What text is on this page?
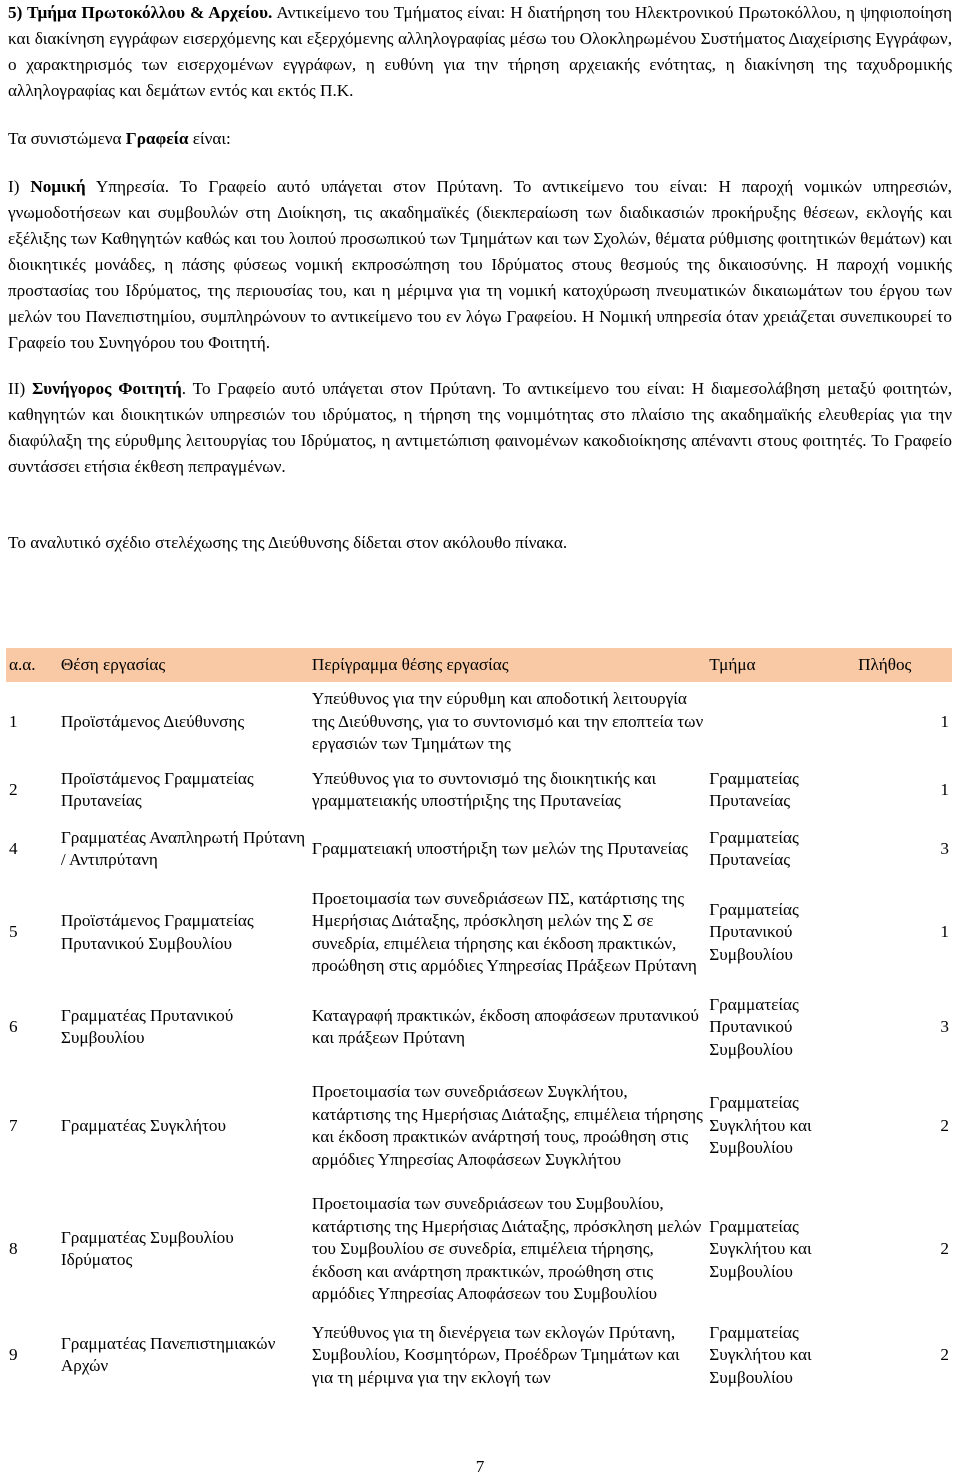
5) Τμήμα Πρωτοκόλλου & Αρχείου. Αντικείμενο του Τμήματος είναι: Η διατήρηση του Ηλεκτρονικού Πρωτοκόλλου, η ψηφιοποίηση και διακίνηση εγγράφων εισερχόμενης και εξερχόμενης αλληλογραφίας μέσω του Ολοκληρωμένου Συστήματος Διαχείρισης Εγγράφων, ο χαρακτηρισμός των εισερχομένων εγγράφων, η ευθύνη για την τήρηση αρχειακής ενότητας, η διακίνηση της ταχυδρομικής αλληλογραφίας και δεμάτων εντός και εκτός Π.Κ.

Τα συνιστώμενα Γραφεία είναι:

I) Νομική Υπηρεσία. Το Γραφείο αυτό υπάγεται στον Πρύτανη. Το αντικείμενο του είναι: Η παροχή νομικών υπηρεσιών, γνωμοδοτήσεων και συμβουλών στη Διοίκηση, τις ακαδημαϊκές (διεκπεραίωση των διαδικασιών προκήρυξης θέσεων, εκλογής και εξέλιξης των Καθηγητών καθώς και του λοιπού προσωπικού των Τμημάτων και των Σχολών, θέματα ρύθμισης φοιτητικών θεμάτων) και διοικητικές μονάδες, η πάσης φύσεως νομική εκπροσώπηση του Ιδρύματος στους θεσμούς της δικαιοσύνης. Η παροχή νομικής προστασίας του Ιδρύματος, της περιουσίας του, και η μέριμνα για τη νομική κατοχύρωση πνευματικών δικαιωμάτων του έργου των μελών του Πανεπιστημίου, συμπληρώνουν το αντικείμενο του εν λόγω Γραφείου. Η Νομική υπηρεσία όταν χρειάζεται συνεπικουρεί το Γραφείο του Συνηγόρου του Φοιτητή.

II) Συνήγορος Φοιτητή. Το Γραφείο αυτό υπάγεται στον Πρύτανη. Το αντικείμενο του είναι: Η διαμεσολάβηση μεταξύ φοιτητών, καθηγητών και διοικητικών υπηρεσιών του ιδρύματος, η τήρηση της νομιμότητας στο πλαίσιο της ακαδημαϊκής ελευθερίας για την διαφύλαξη της εύρυθμης λειτουργίας του Ιδρύματος, η αντιμετώπιση φαινομένων κακοδιοίκησης απέναντι στους φοιτητές. Το Γραφείο συντάσσει ετήσια έκθεση πεπραγμένων.

Το αναλυτικό σχέδιο στελέχωσης της Διεύθυνσης δίδεται στον ακόλουθο πίνακα.

α.α.	Θέση εργασίας	Περίγραμμα θέσης εργασίας	Τμήμα	Πλήθος
1	Προϊστάμενος Διεύθυνσης	Υπεύθυνος για την εύρυθμη και αποδοτική λειτουργία της Διεύθυνσης, για το συντονισμό και την εποπτεία των εργασιών των Τμημάτων της		1
2	Προϊστάμενος Γραμματείας Πρυτανείας	Υπεύθυνος για το συντονισμό της διοικητικής και γραμματειακής υποστήριξης της Πρυτανείας	Γραμματείας Πρυτανείας	1
4	Γραμματέας Αναπληρωτή Πρύτανη / Αντιπρύτανη	Γραμματειακή υποστήριξη των μελών της Πρυτανείας	Γραμματείας Πρυτανείας	3
5	Προϊστάμενος Γραμματείας Πρυτανικού Συμβουλίου	Προετοιμασία των συνεδριάσεων ΠΣ, κατάρτισης της Ημερήσιας Διάταξης, πρόσκληση μελών της Σ σε συνεδρία, επιμέλεια τήρησης και έκδοση πρακτικών, προώθηση στις αρμόδιες Υπηρεσίας Πράξεων Πρύτανη	Γραμματείας Πρυτανικού Συμβουλίου	1
6	Γραμματέας Πρυτανικού Συμβουλίου	Καταγραφή πρακτικών, έκδοση αποφάσεων πρυτανικού και πράξεων Πρύτανη	Γραμματείας Πρυτανικού Συμβουλίου	3
7	Γραμματέας Συγκλήτου	Προετοιμασία των συνεδριάσεων Συγκλήτου, κατάρτισης της Ημερήσιας Διάταξης, επιμέλεια τήρησης και έκδοση πρακτικών ανάρτησή τους, προώθηση στις αρμόδιες Υπηρεσίας Αποφάσεων Συγκλήτου	Γραμματείας Συγκλήτου και Συμβουλίου	2
8	Γραμματέας Συμβουλίου Ιδρύματος	Προετοιμασία των συνεδριάσεων του Συμβουλίου, κατάρτισης της Ημερήσιας Διάταξης, πρόσκληση μελών του Συμβουλίου σε συνεδρία, επιμέλεια τήρησης, έκδοση και ανάρτηση πρακτικών, προώθηση στις αρμόδιες Υπηρεσίας Αποφάσεων του Συμβουλίου	Γραμματείας Συγκλήτου και Συμβουλίου	2
9	Γραμματέας Πανεπιστημιακών Αρχών	Υπεύθυνος για τη διενέργεια των εκλογών Πρύτανη, Συμβουλίου, Κοσμητόρων, Προέδρων Τμημάτων και για τη μέριμνα για την εκλογή των	Γραμματείας Συγκλήτου και Συμβουλίου	2
7
